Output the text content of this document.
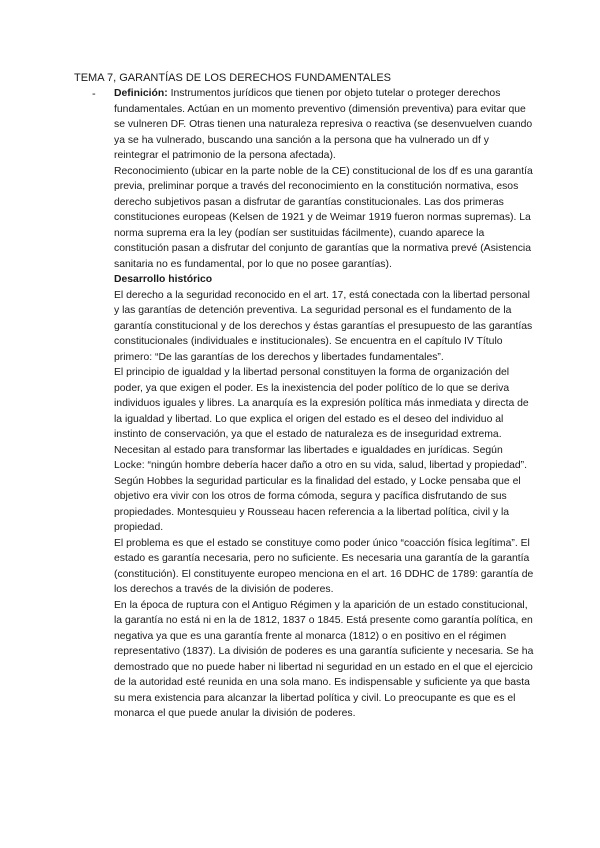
TEMA 7, GARANTÍAS DE LOS DERECHOS FUNDAMENTALES
- Definición: Instrumentos jurídicos que tienen por objeto tutelar o proteger derechos fundamentales. Actúan en un momento preventivo (dimensión preventiva) para evitar que se vulneren DF. Otras tienen una naturaleza represiva o reactiva (se desenvuelven cuando ya se ha vulnerado, buscando una sanción a la persona que ha vulnerado un df y reintegrar el patrimonio de la persona afectada).

Reconocimiento (ubicar en la parte noble de la CE) constitucional de los df es una garantía previa, preliminar porque a través del reconocimiento en la constitución normativa, esos derecho subjetivos pasan a disfrutar de garantías constitucionales. Las dos primeras constituciones europeas (Kelsen de 1921 y de Weimar 1919 fueron normas supremas). La norma suprema era la ley (podían ser sustituidas fácilmente), cuando aparece la constitución pasan a disfrutar del conjunto de garantías que la normativa prevé (Asistencia sanitaria no es fundamental, por lo que no posee garantías).

Desarrollo histórico

El derecho a la seguridad reconocido en el art. 17, está conectada con la libertad personal y las garantías de detención preventiva. La seguridad personal es el fundamento de la garantía constitucional y de los derechos y éstas garantías el presupuesto de las garantías constitucionales (individuales e institucionales). Se encuentra en el capítulo IV Título primero: “De las garantías de los derechos y libertades fundamentales”.

El principio de igualdad y la libertad personal constituyen la forma de organización del poder, ya que exigen el poder. Es la inexistencia del poder político de lo que se deriva individuos iguales y libres. La anarquía es la expresión política más inmediata y directa de la igualdad y libertad. Lo que explica el origen del estado es el deseo del individuo al instinto de conservación, ya que el estado de naturaleza es de inseguridad extrema. Necesitan al estado para transformar las libertades e igualdades en jurídicas. Según Locke: “ningún hombre debería hacer daño a otro en su vida, salud, libertad y propiedad”. Según Hobbes la seguridad particular es la finalidad del estado, y Locke pensaba que el objetivo era vivir con los otros de forma cómoda, segura y pacífica disfrutando de sus propiedades. Montesquieu y Rousseau hacen referencia a la libertad política, civil y la propiedad.

El problema es que el estado se constituye como poder único “coacción física legítima”. El estado es garantía necesaria, pero no suficiente. Es necesaria una garantía de la garantía (constitución). El constituyente europeo menciona en el art. 16 DDHC de 1789: garantía de los derechos a través de la división de poderes.

En la época de ruptura con el Antiguo Régimen y la aparición de un estado constitucional, la garantía no está ni en la de 1812, 1837 o 1845. Está presente como garantía política, en negativa ya que es una garantía frente al monarca (1812) o en positivo en el régimen representativo (1837). La división de poderes es una garantía suficiente y necesaria. Se ha demostrado que no puede haber ni libertad ni seguridad en un estado en el que el ejercicio de la autoridad esté reunida en una sola mano. Es indispensable y suficiente ya que basta su mera existencia para alcanzar la libertad política y civil. Lo preocupante es que es el monarca el que puede anular la división de poderes.
